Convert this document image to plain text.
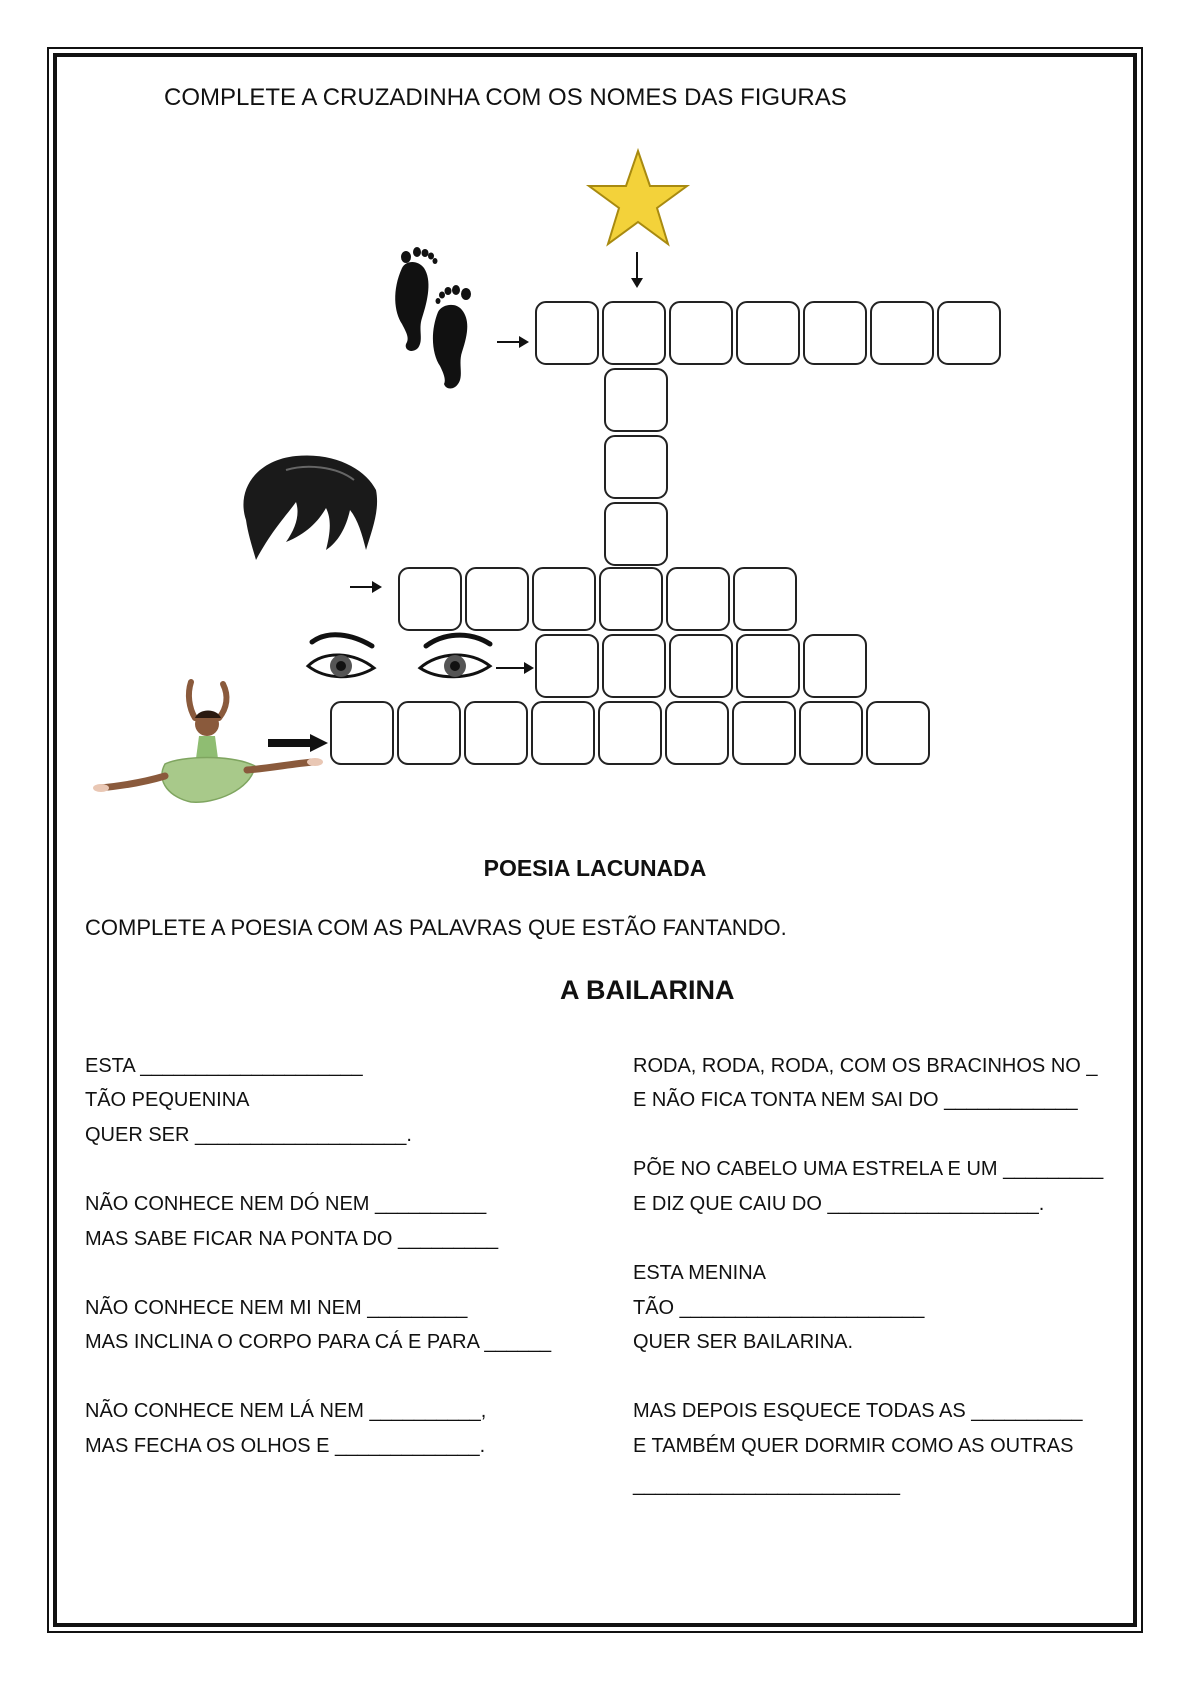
COMPLETE A CRUZADINHA COM OS NOMES DAS FIGURAS
POESIA LACUNADA
COMPLETE A POESIA COM AS PALAVRAS QUE ESTÃO FANTANDO.
A BAILARINA
ESTA ____________________
TÃO PEQUENINA
QUER SER ___________________.
NÃO CONHECE NEM DÓ NEM __________
MAS SABE FICAR NA PONTA DO _________
NÃO CONHECE NEM MI NEM _________
MAS INCLINA O CORPO PARA CÁ E PARA ______
NÃO CONHECE NEM LÁ NEM __________,
MAS FECHA OS OLHOS E _____________.
RODA, RODA, RODA, COM OS BRACINHOS NO _
E NÃO FICA TONTA NEM SAI DO ____________
PÕE NO CABELO UMA ESTRELA E UM _________
E DIZ QUE CAIU DO ___________________.
ESTA MENINA
TÃO ______________________
QUER SER BAILARINA.
MAS DEPOIS ESQUECE TODAS AS __________
E TAMBÉM QUER DORMIR COMO AS OUTRAS
________________________
